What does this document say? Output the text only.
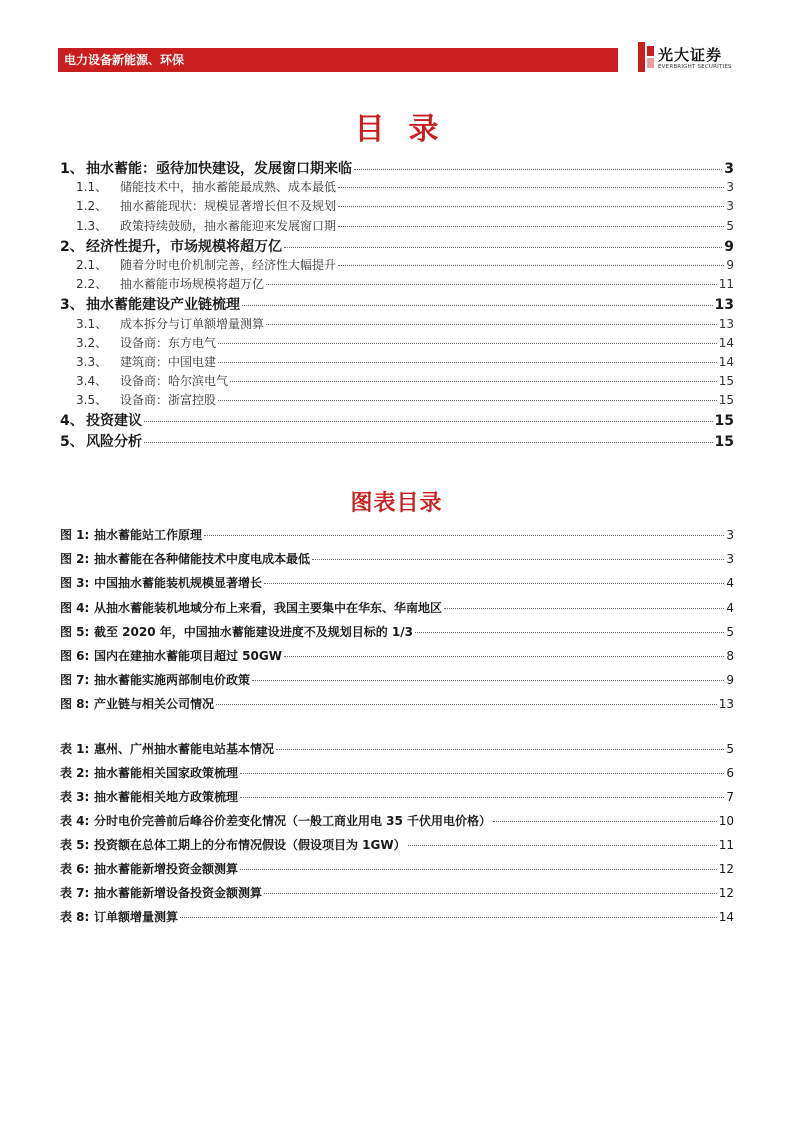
电力设备新能源、环保	光大证券
EVERBRIGHT SECURITIES
目录
1、 抽水蓄能：亟待加快建设，发展窗口期来临	3
1.1、 储能技术中，抽水蓄能最成熟、成本最低	3
1.2、 抽水蓄能现状：规模显著增长但不及规划	3
1.3、 政策持续鼓励，抽水蓄能迎来发展窗口期	5
2、 经济性提升，市场规模将超万亿	9
2.1、 随着分时电价机制完善，经济性大幅提升	9
2.2、 抽水蓄能市场规模将超万亿	11
3、 抽水蓄能建设产业链梳理	13
3.1、 成本拆分与订单额增量测算	13
3.2、 设备商：东方电气	14
3.3、 建筑商：中国电建	14
3.4、 设备商：哈尔滨电气	15
3.5、 设备商：浙富控股	15
4、 投资建议	15
5、 风险分析	15
图表目录
图 1: 抽水蓄能站工作原理	3
图 2: 抽水蓄能在各种储能技术中度电成本最低	3
图 3: 中国抽水蓄能装机规模显著增长	4
图 4: 从抽水蓄能装机地域分布上来看，我国主要集中在华东、华南地区	4
图 5: 截至 2020 年，中国抽水蓄能建设进度不及规划目标的 1/3	5
图 6: 国内在建抽水蓄能项目超过 50GW	8
图 7: 抽水蓄能实施两部制电价政策	9
图 8: 产业链与相关公司情况	13
表 1: 惠州、广州抽水蓄能电站基本情况	5
表 2: 抽水蓄能相关国家政策梳理	6
表 3: 抽水蓄能相关地方政策梳理	7
表 4: 分时电价完善前后峰谷价差变化情况（一般工商业用电 35 千伏用电价格）	10
表 5: 投资额在总体工期上的分布情况假设（假设项目为 1GW）	11
表 6: 抽水蓄能新增投资金额测算	12
表 7: 抽水蓄能新增设备投资金额测算	12
表 8: 订单额增量测算	14
